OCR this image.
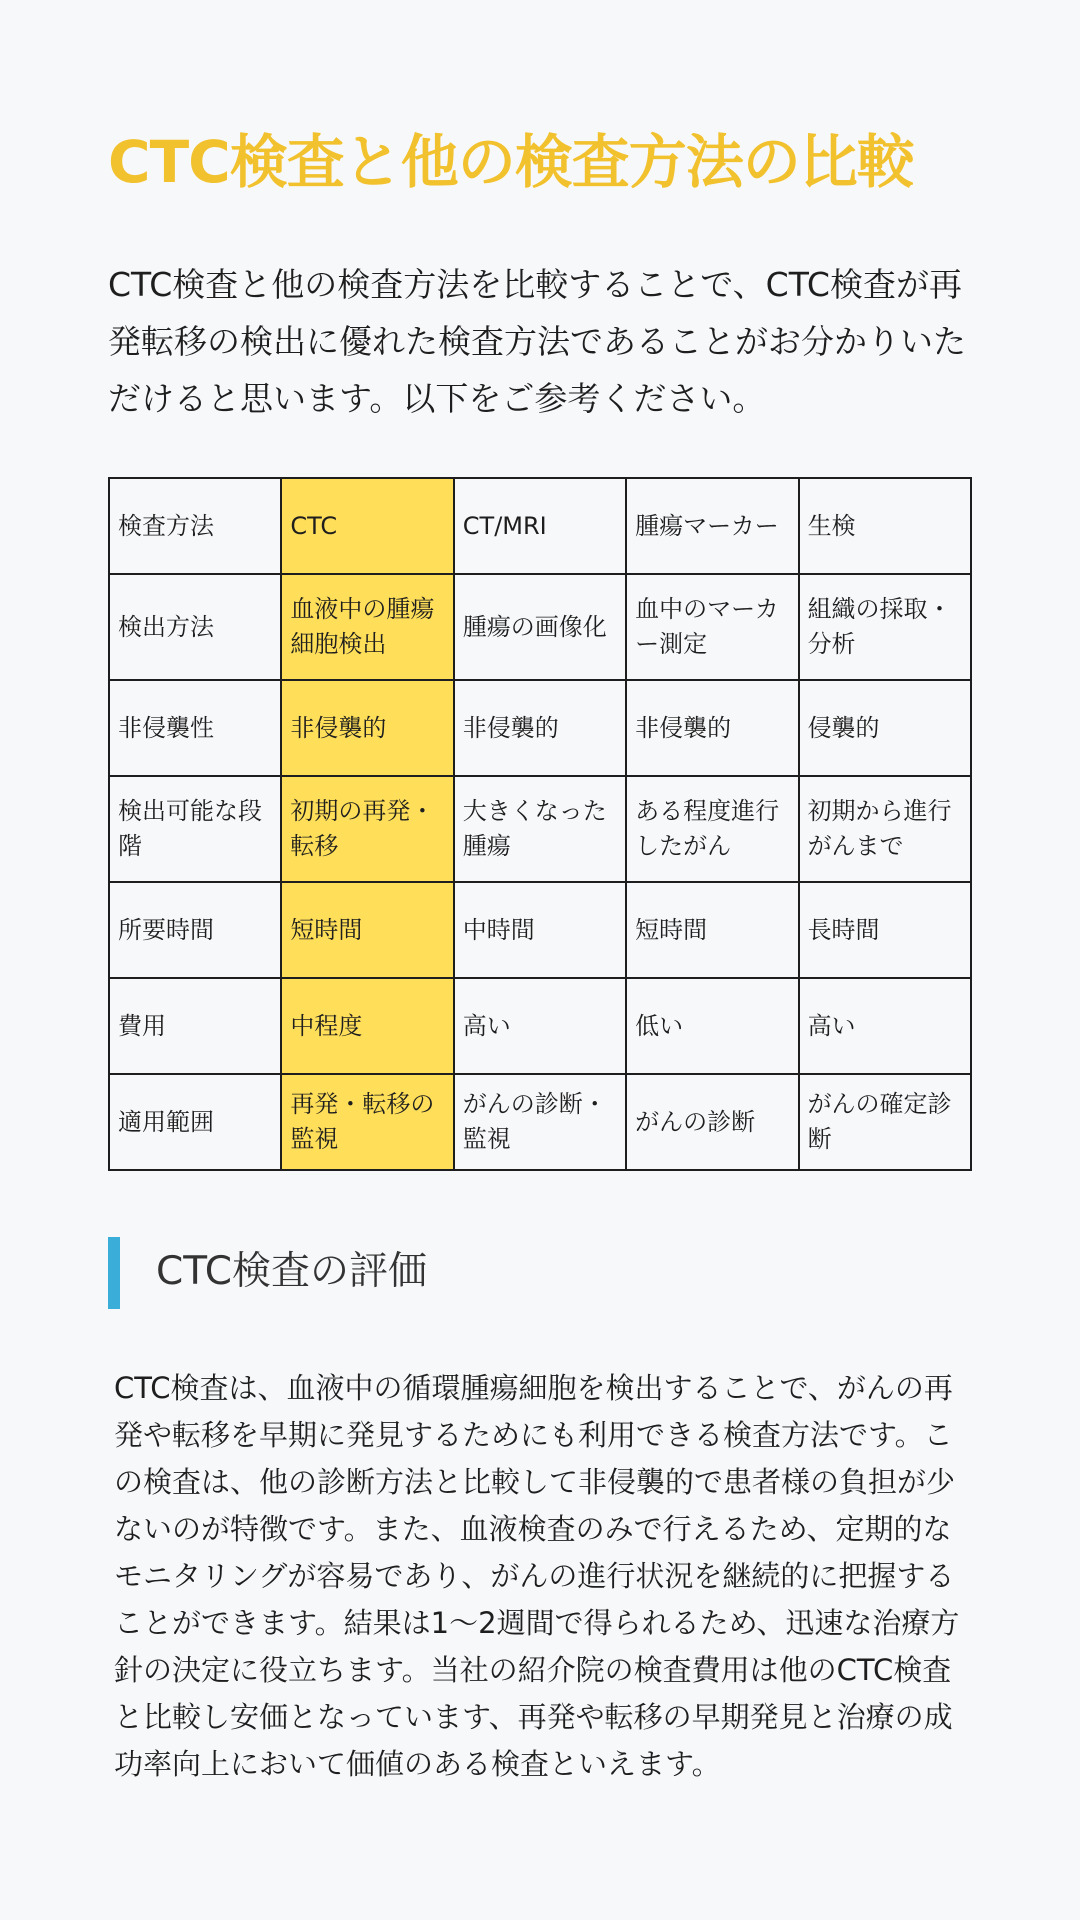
CTC検査と他の検査方法の比較

CTC検査と他の検査方法を比較することで、CTC検査が再発転移の検出に優れた検査方法であることがお分かりいただけると思います。以下をご参考ください。

検査方法	CTC	CT/MRI	腫瘍マーカー	生検
検出方法	血液中の腫瘍細胞検出	腫瘍の画像化	血中のマーカー測定	組織の採取・分析
非侵襲性	非侵襲的	非侵襲的	非侵襲的	侵襲的
検出可能な段階	初期の再発・転移	大きくなった腫瘍	ある程度進行したがん	初期から進行がんまで
所要時間	短時間	中時間	短時間	長時間
費用	中程度	高い	低い	高い
適用範囲	再発・転移の監視	がんの診断・監視	がんの診断	がんの確定診断
CTC検査の評価

CTC検査は、血液中の循環腫瘍細胞を検出することで、がんの再発や転移を早期に発見するためにも利用できる検査方法です。この検査は、他の診断方法と比較して非侵襲的で患者様の負担が少ないのが特徴です。また、血液検査のみで行えるため、定期的なモニタリングが容易であり、がんの進行状況を継続的に把握することができます。結果は1〜2週間で得られるため、迅速な治療方針の決定に役立ちます。当社の紹介院の検査費用は他のCTC検査と比較し安価となっています、再発や転移の早期発見と治療の成功率向上において価値のある検査といえます。
